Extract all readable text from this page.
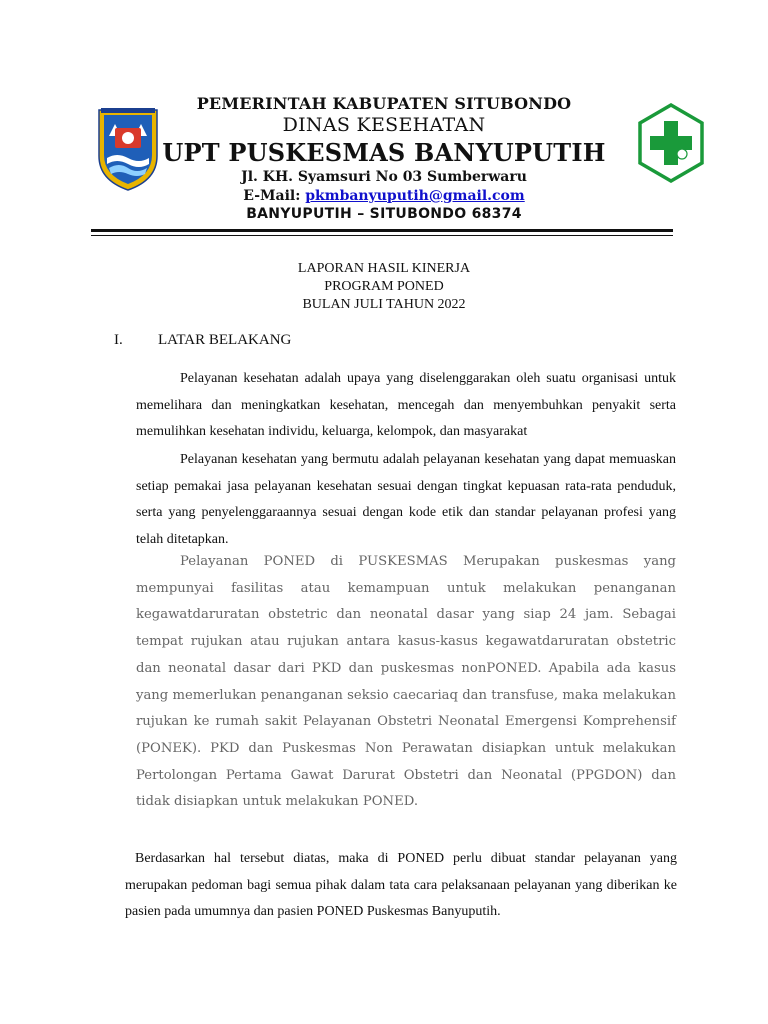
PEMERINTAH KABUPATEN SITUBONDO
DINAS KESEHATAN
UPT PUSKESMAS BANYUPUTIH
Jl. KH. Syamsuri No 03 Sumberwaru
E-Mail: pkmbanyuputih@gmail.com
BANYUPUTIH – SITUBONDO 68374
LAPORAN HASIL KINERJA
PROGRAM PONED
BULAN JULI TAHUN 2022
I. LATAR BELAKANG
Pelayanan kesehatan adalah upaya yang diselenggarakan oleh suatu organisasi untuk memelihara dan meningkatkan kesehatan, mencegah dan menyembuhkan penyakit serta memulihkan kesehatan individu, keluarga, kelompok, dan masyarakat
Pelayanan kesehatan yang bermutu adalah pelayanan kesehatan yang dapat memuaskan setiap pemakai jasa pelayanan kesehatan sesuai dengan tingkat kepuasan rata-rata penduduk, serta yang penyelenggaraannya sesuai dengan kode etik dan standar pelayanan profesi yang telah ditetapkan.
Pelayanan PONED di PUSKESMAS Merupakan puskesmas yang mempunyai fasilitas atau kemampuan untuk melakukan penanganan kegawatdaruratan obstetric dan neonatal dasar yang siap 24 jam. Sebagai tempat rujukan atau rujukan antara kasus-kasus kegawatdaruratan obstetric dan neonatal dasar dari PKD dan puskesmas nonPONED. Apabila ada kasus yang memerlukan penanganan seksio caecariaq dan transfuse, maka melakukan rujukan ke rumah sakit Pelayanan Obstetri Neonatal Emergensi Komprehensif (PONEK). PKD dan Puskesmas Non Perawatan disiapkan untuk melakukan Pertolongan Pertama Gawat Darurat Obstetri dan Neonatal (PPGDON) dan tidak disiapkan untuk melakukan PONED.
Berdasarkan hal tersebut diatas, maka di PONED perlu dibuat standar pelayanan yang merupakan pedoman bagi semua pihak dalam tata cara pelaksanaan pelayanan yang diberikan ke pasien pada umumnya dan pasien PONED Puskesmas Banyuputih.
